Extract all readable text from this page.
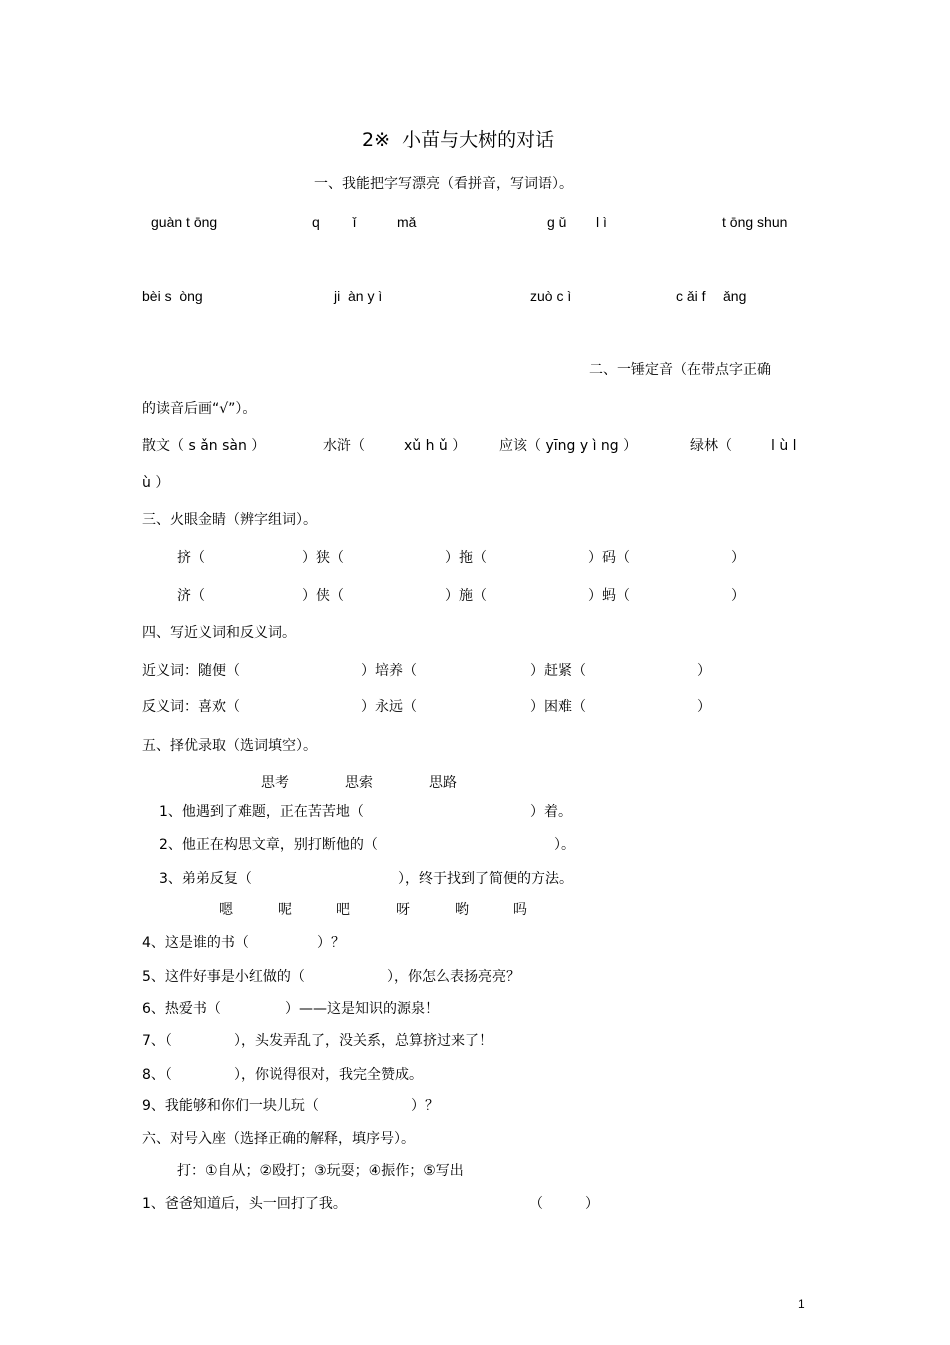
2※  小苗与大树的对话
一、我能把字写漂亮（看拼音，写词语）。
guàn t ōng	q ǐ	mǎ	g ǔ l ì	t ōng shun
bèi s  òng	ji  àn y ì	zuò c ì	c ǎi f ǎng
二、一锤定音（在带点字正确
的读音后画“√”）。
散文（ s ǎn sàn ）	水浒（	xǔ h ǔ ） 应该（ yīng y ì ng ）	绿林（	l ù l
ù ）
三、火眼金睛（辨字组词）。
挤（	）狭（	）拖（	）码（	）
济（	）侠（	）施（	）蚂（	）
四、写近义词和反义词。
近义词：随便（	）培养（	）赶紧（	）
反义词：喜欢（	）永远（	）困难（	）
五、择优录取（选词填空）。
思考	思索	思路
1、他遇到了难题，正在苦苦地（	）着。
2、他正在构思文章，别打断他的（	）。
3、弟弟反复（	），终于找到了简便的方法。
嗯	呢	吧	呀	哟	吗
4、这是谁的书（	）？
5、这件好事是小红做的（	），你怎么表扬亮亮？
6、热爱书（	）——这是知识的源泉！
7、（	），头发弄乱了，没关系，总算挤过来了！
8、（	），你说得很对，我完全赞成。
9、我能够和你们一块儿玩（	）？
六、对号入座（选择正确的解释，填序号）。
打：①自从；②殴打；③玩耍；④振作；⑤写出
1、爸爸知道后，头一回打了我。	（	）
1
